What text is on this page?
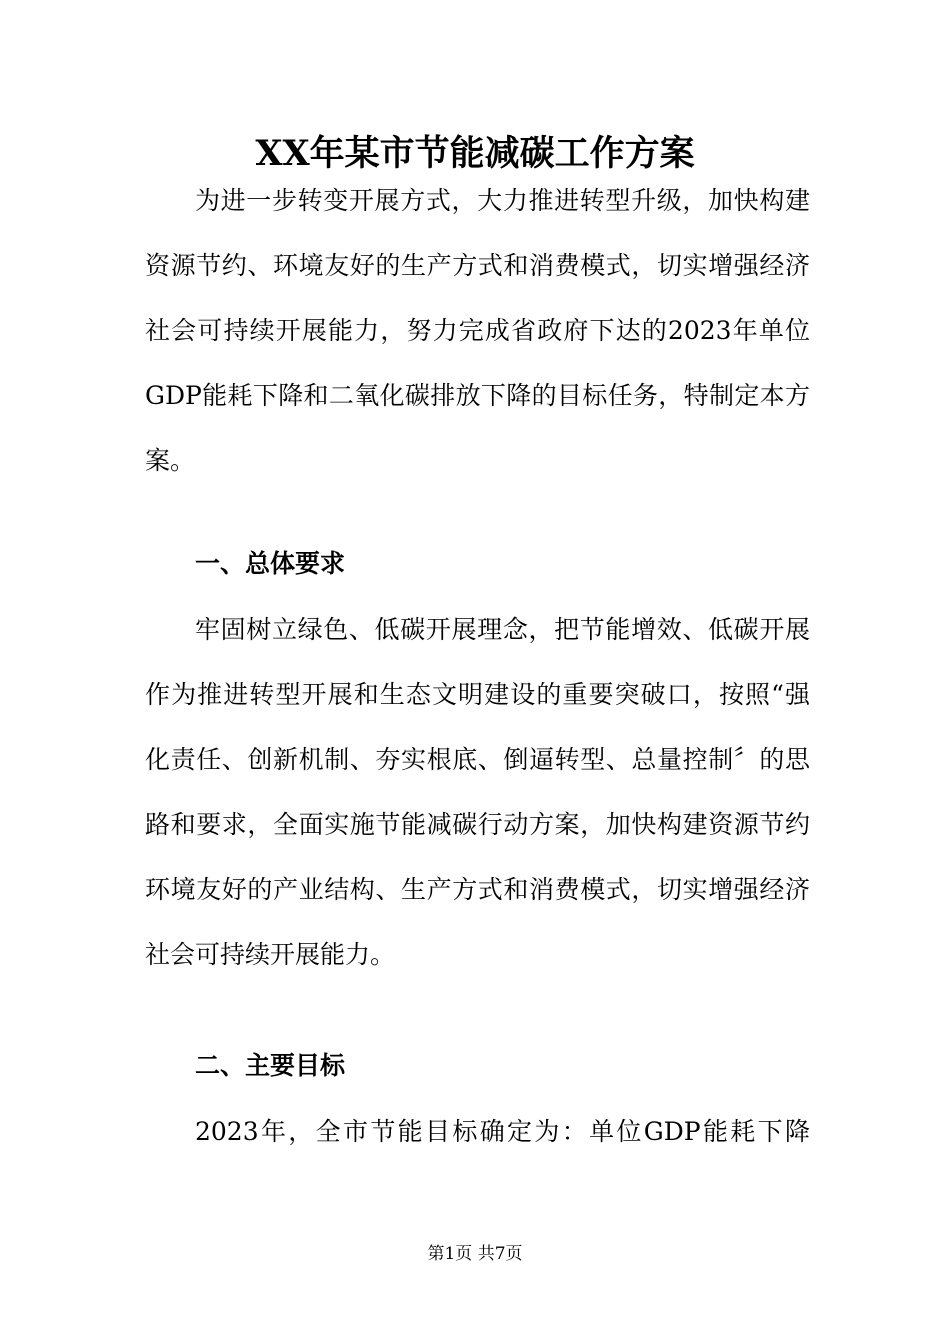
XX年某市节能减碳工作方案
为进一步转变开展方式，大力推进转型升级，加快构建
资源节约、环境友好的生产方式和消费模式，切实增强经济
社会可持续开展能力，努力完成省政府下达的2023年单位
GDP能耗下降和二氧化碳排放下降的目标任务，特制定本方
案。
一、总体要求
牢固树立绿色、低碳开展理念，把节能增效、低碳开展
作为推进转型开展和生态文明建设的重要突破口，按照“强
化责任、创新机制、夯实根底、倒逼转型、总量控制〞的思
路和要求，全面实施节能减碳行动方案，加快构建资源节约
环境友好的产业结构、生产方式和消费模式，切实增强经济
社会可持续开展能力。
二、主要目标
2023年，全市节能目标确定为：单位GDP能耗下降
第1页 共7页
